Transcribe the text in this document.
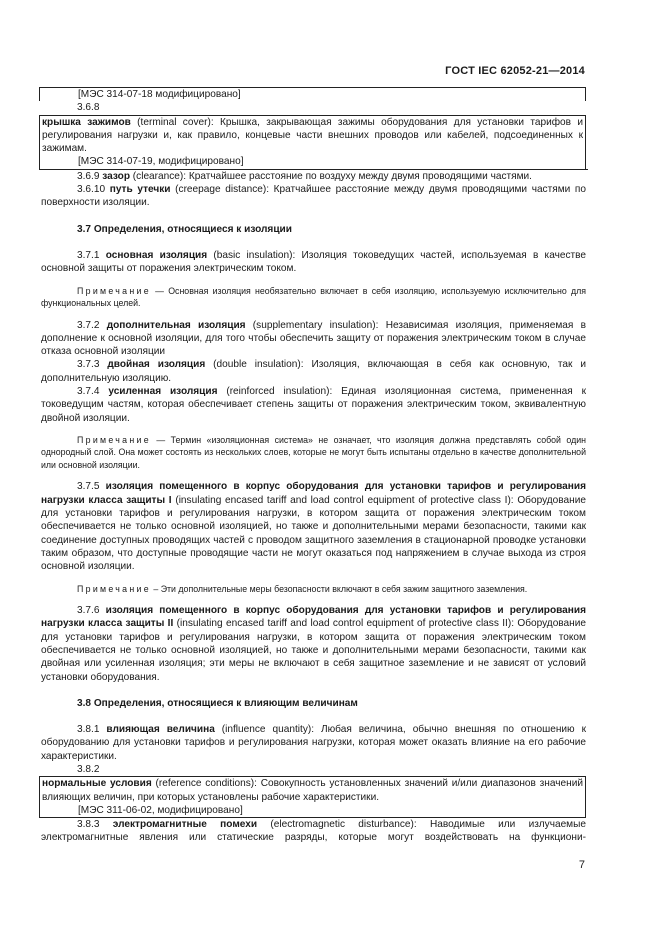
ГОСТ IEC 62052-21—2014

[МЭС 314-07-18 модифицировано]

3.6.8

крышка зажимов (terminal cover): Крышка, закрывающая зажимы оборудования для установки тарифов и регулирования нагрузки и, как правило, концевые части внешних проводов или кабелей, подсоединенных к зажимам.

[МЭС 314-07-19, модифицировано]

3.6.9 зазор (clearance): Кратчайшее расстояние по воздуху между двумя проводящими частями.

3.6.10 путь утечки (creepage distance): Кратчайшее расстояние между двумя проводящими частями по поверхности изоляции.

3.7 Определения, относящиеся к изоляции

3.7.1 основная изоляция (basic insulation): Изоляция токоведущих частей, используемая в качестве основной защиты от поражения электрическим током.

Примечание — Основная изоляция необязательно включает в себя изоляцию, используемую исключительно для функциональных целей.

3.7.2 дополнительная изоляция (supplementary insulation): Независимая изоляция, применяемая в дополнение к основной изоляции, для того чтобы обеспечить защиту от поражения электрическим током в случае отказа основной изоляции

3.7.3 двойная изоляция (double insulation): Изоляция, включающая в себя как основную, так и дополнительную изоляцию.

3.7.4 усиленная изоляция (reinforced insulation): Единая изоляционная система, примененная к токоведущим частям, которая обеспечивает степень защиты от поражения электрическим током, эквивалентную двойной изоляции.

Примечание — Термин «изоляционная система» не означает, что изоляция должна представлять собой один однородный слой. Она может состоять из нескольких слоев, которые не могут быть испытаны отдельно в качестве дополнительной или основной изоляции.

3.7.5 изоляция помещенного в корпус оборудования для установки тарифов и регулирования нагрузки класса защиты I (insulating encased tariff and load control equipment of protective class I): Оборудование для установки тарифов и регулирования нагрузки, в котором защита от поражения электрическим током обеспечивается не только основной изоляцией, но также и дополнительными мерами безопасности, такими как соединение доступных проводящих частей с проводом защитного заземления в стационарной проводке установки таким образом, что доступные проводящие части не могут оказаться под напряжением в случае выхода из строя основной изоляции.

Примечание – Эти дополнительные меры безопасности включают в себя зажим защитного заземления.

3.7.6 изоляция помещенного в корпус оборудования для установки тарифов и регулирования нагрузки класса защиты II (insulating encased tariff and load control equipment of protective class II): Оборудование для установки тарифов и регулирования нагрузки, в котором защита от поражения электрическим током обеспечивается не только основной изоляцией, но также и дополнительными мерами безопасности, такими как двойная или усиленная изоляция; эти меры не включают в себя защитное заземление и не зависят от условий установки оборудования.

3.8 Определения, относящиеся к влияющим величинам

3.8.1 влияющая величина (influence quantity): Любая величина, обычно внешняя по отношению к оборудованию для установки тарифов и регулирования нагрузки, которая может оказать влияние на его рабочие характеристики.

3.8.2

нормальные условия (reference conditions): Совокупность установленных значений и/или диапазонов значений влияющих величин, при которых установлены рабочие характеристики.

[МЭС 311-06-02, модифицировано]

3.8.3 электромагнитные помехи (electromagnetic disturbance): Наводимые или излучаемые электромагнитные явления или статические разряды, которые могут воздействовать на функциони-

7
